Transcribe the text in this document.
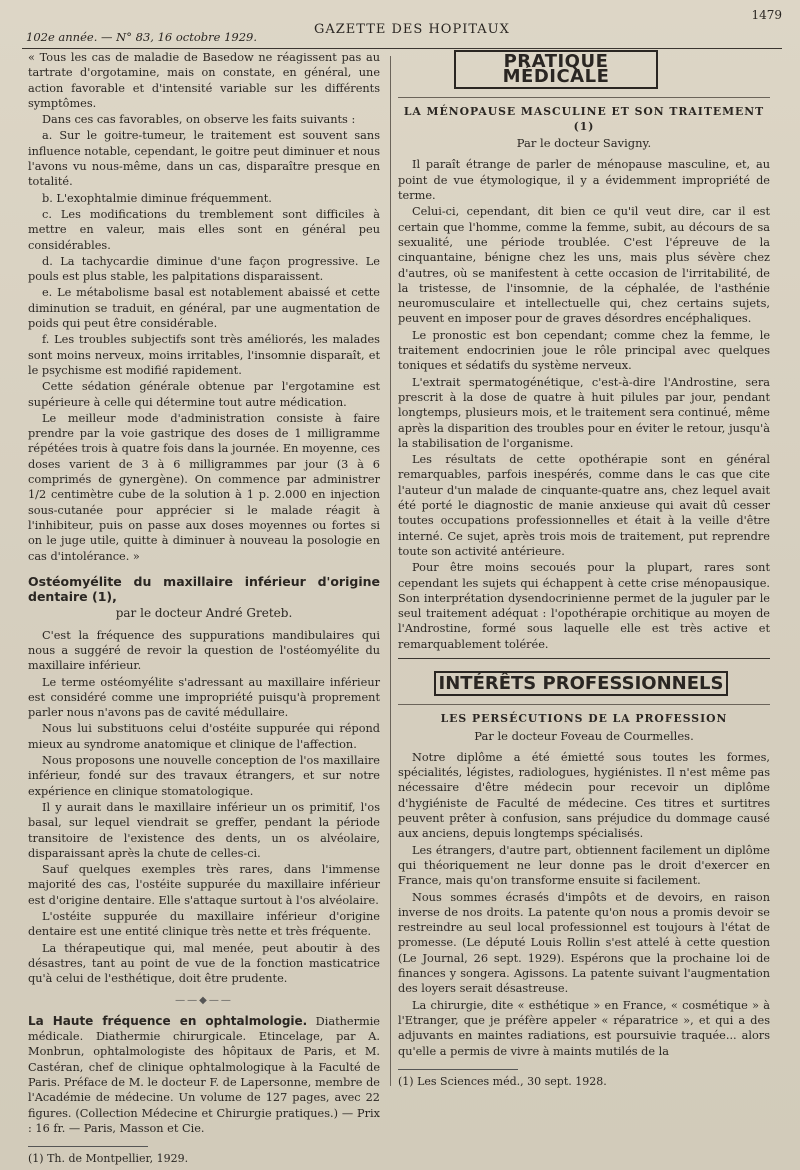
102e année. — N° 83, 16 octobre 1929.	GAZETTE DES HOPITAUX
1479

« Tous les cas de maladie de Basedow ne réagissent pas au tartrate d'orgotamine, mais on constate, en général, une action favorable et d'intensité variable sur les différents symptômes.

Dans ces cas favorables, on observe les faits suivants :

a. Sur le goitre-tumeur, le traitement est souvent sans influence notable, cependant, le goitre peut diminuer et nous l'avons vu nous-même, dans un cas, disparaître presque en totalité.

b. L'exophtalmie diminue fréquemment.

c. Les modifications du tremblement sont difficiles à mettre en valeur, mais elles sont en général peu considérables.

d. La tachycardie diminue d'une façon progressive. Le pouls est plus stable, les palpitations disparaissent.

e. Le métabolisme basal est notablement abaissé et cette diminution se traduit, en général, par une augmentation de poids qui peut être considérable.

f. Les troubles subjectifs sont très améliorés, les malades sont moins nerveux, moins irritables, l'insomnie disparaît, et le psychisme est modifié rapidement.

Cette sédation générale obtenue par l'ergotamine est supérieure à celle qui détermine tout autre médication.

Le meilleur mode d'administration consiste à faire prendre par la voie gastrique des doses de 1 milligramme répétées trois à quatre fois dans la journée. En moyenne, ces doses varient de 3 à 6 milligrammes par jour (3 à 6 comprimés de gynergène). On commence par administrer 1/2 centimètre cube de la solution à 1 p. 2.000 en injection sous-cutanée pour apprécier si le malade réagit à l'inhibiteur, puis on passe aux doses moyennes ou fortes si on le juge utile, quitte à diminuer à nouveau la posologie en cas d'intolérance. »

Ostéomyélite du maxillaire inférieur d'origine dentaire (1),
par le docteur André Greteb.

C'est la fréquence des suppurations mandibulaires qui nous a suggéré de revoir la question de l'ostéomyélite du maxillaire inférieur.

Le terme ostéomyélite s'adressant au maxillaire inférieur est considéré comme une impropriété puisqu'à proprement parler nous n'avons pas de cavité médullaire.

Nous lui substituons celui d'ostéite suppurée qui répond mieux au syndrome anatomique et clinique de l'affection.

Nous proposons une nouvelle conception de l'os maxillaire inférieur, fondé sur des travaux étrangers, et sur notre expérience en clinique stomatologique.

Il y aurait dans le maxillaire inférieur un os primitif, l'os basal, sur lequel viendrait se greffer, pendant la période transitoire de l'existence des dents, un os alvéolaire, disparaissant après la chute de celles-ci.

Sauf quelques exemples très rares, dans l'immense majorité des cas, l'ostéite suppurée du maxillaire inférieur est d'origine dentaire. Elle s'attaque surtout à l'os alvéolaire.

L'ostéite suppurée du maxillaire inférieur d'origine dentaire est une entité clinique très nette et très fréquente.

La thérapeutique qui, mal menée, peut aboutir à des désastres, tant au point de vue de la fonction masticatrice qu'à celui de l'esthétique, doit être prudente.

——◆——

La Haute fréquence en ophtalmologie. Diathermie médicale. Diathermie chirurgicale. Etincelage, par A. Monbrun, ophtalmologiste des hôpitaux de Paris, et M. Castéran, chef de clinique ophtalmologique à la Faculté de Paris. Préface de M. le docteur F. de Lapersonne, membre de l'Académie de médecine. Un volume de 127 pages, avec 22 figures. (Collection Médecine et Chirurgie pratiques.) — Prix : 16 fr. — Paris, Masson et Cie.

(1) Th. de Montpellier, 1929.

PRATIQUE MÉDICALE
LA MÉNOPAUSE MASCULINE ET SON TRAITEMENT (1)
Par le docteur Savigny.

Il paraît étrange de parler de ménopause masculine, et, au point de vue étymologique, il y a évidemment impropriété de terme.

Celui-ci, cependant, dit bien ce qu'il veut dire, car il est certain que l'homme, comme la femme, subit, au décours de sa sexualité, une période troublée. C'est l'épreuve de la cinquantaine, bénigne chez les uns, mais plus sévère chez d'autres, où se manifestent à cette occasion de l'irritabilité, de la tristesse, de l'insomnie, de la céphalée, de l'asthénie neuromusculaire et intellectuelle qui, chez certains sujets, peuvent en imposer pour de graves désordres encéphaliques.

Le pronostic est bon cependant; comme chez la femme, le traitement endocrinien joue le rôle principal avec quelques toniques et sédatifs du système nerveux.

L'extrait spermatogénétique, c'est-à-dire l'Androstine, sera prescrit à la dose de quatre à huit pilules par jour, pendant longtemps, plusieurs mois, et le traitement sera continué, même après la disparition des troubles pour en éviter le retour, jusqu'à la stabilisation de l'organisme.

Les résultats de cette opothérapie sont en général remarquables, parfois inespérés, comme dans le cas que cite l'auteur d'un malade de cinquante-quatre ans, chez lequel avait été porté le diagnostic de manie anxieuse qui avait dû cesser toutes occupations professionnelles et était à la veille d'être interné. Ce sujet, après trois mois de traitement, put reprendre toute son activité antérieure.

Pour être moins secoués pour la plupart, rares sont cependant les sujets qui échappent à cette crise ménopausique. Son interprétation dysendocrinienne permet de la juguler par le seul traitement adéquat : l'opothérapie orchitique au moyen de l'Androstine, formé sous laquelle elle est très active et remarquablement tolérée.

INTÉRÊTS PROFESSIONNELS
LES PERSÉCUTIONS DE LA PROFESSION
Par le docteur Foveau de Courmelles.

Notre diplôme a été émietté sous toutes les formes, spécialités, légistes, radiologues, hygiénistes. Il n'est même pas nécessaire d'être médecin pour recevoir un diplôme d'hygiéniste de Faculté de médecine. Ces titres et surtitres peuvent prêter à confusion, sans préjudice du dommage causé aux anciens, depuis longtemps spécialisés.

Les étrangers, d'autre part, obtiennent facilement un diplôme qui théoriquement ne leur donne pas le droit d'exercer en France, mais qu'on transforme ensuite si facilement.

Nous sommes écrasés d'impôts et de devoirs, en raison inverse de nos droits. La patente qu'on nous a promis devoir se restreindre au seul local professionnel est toujours à l'état de promesse. (Le député Louis Rollin s'est attelé à cette question (Le Journal, 26 sept. 1929). Espérons que la prochaine loi de finances y songera. Agissons. La patente suivant l'augmentation des loyers serait désastreuse.

La chirurgie, dite « esthétique » en France, « cosmétique » à l'Etranger, que je préfère appeler « réparatrice », et qui a des adjuvants en maintes radiations, est poursuivie traquée... alors qu'elle a permis de vivre à maints mutilés de la

(1) Les Sciences méd., 30 sept. 1928.
